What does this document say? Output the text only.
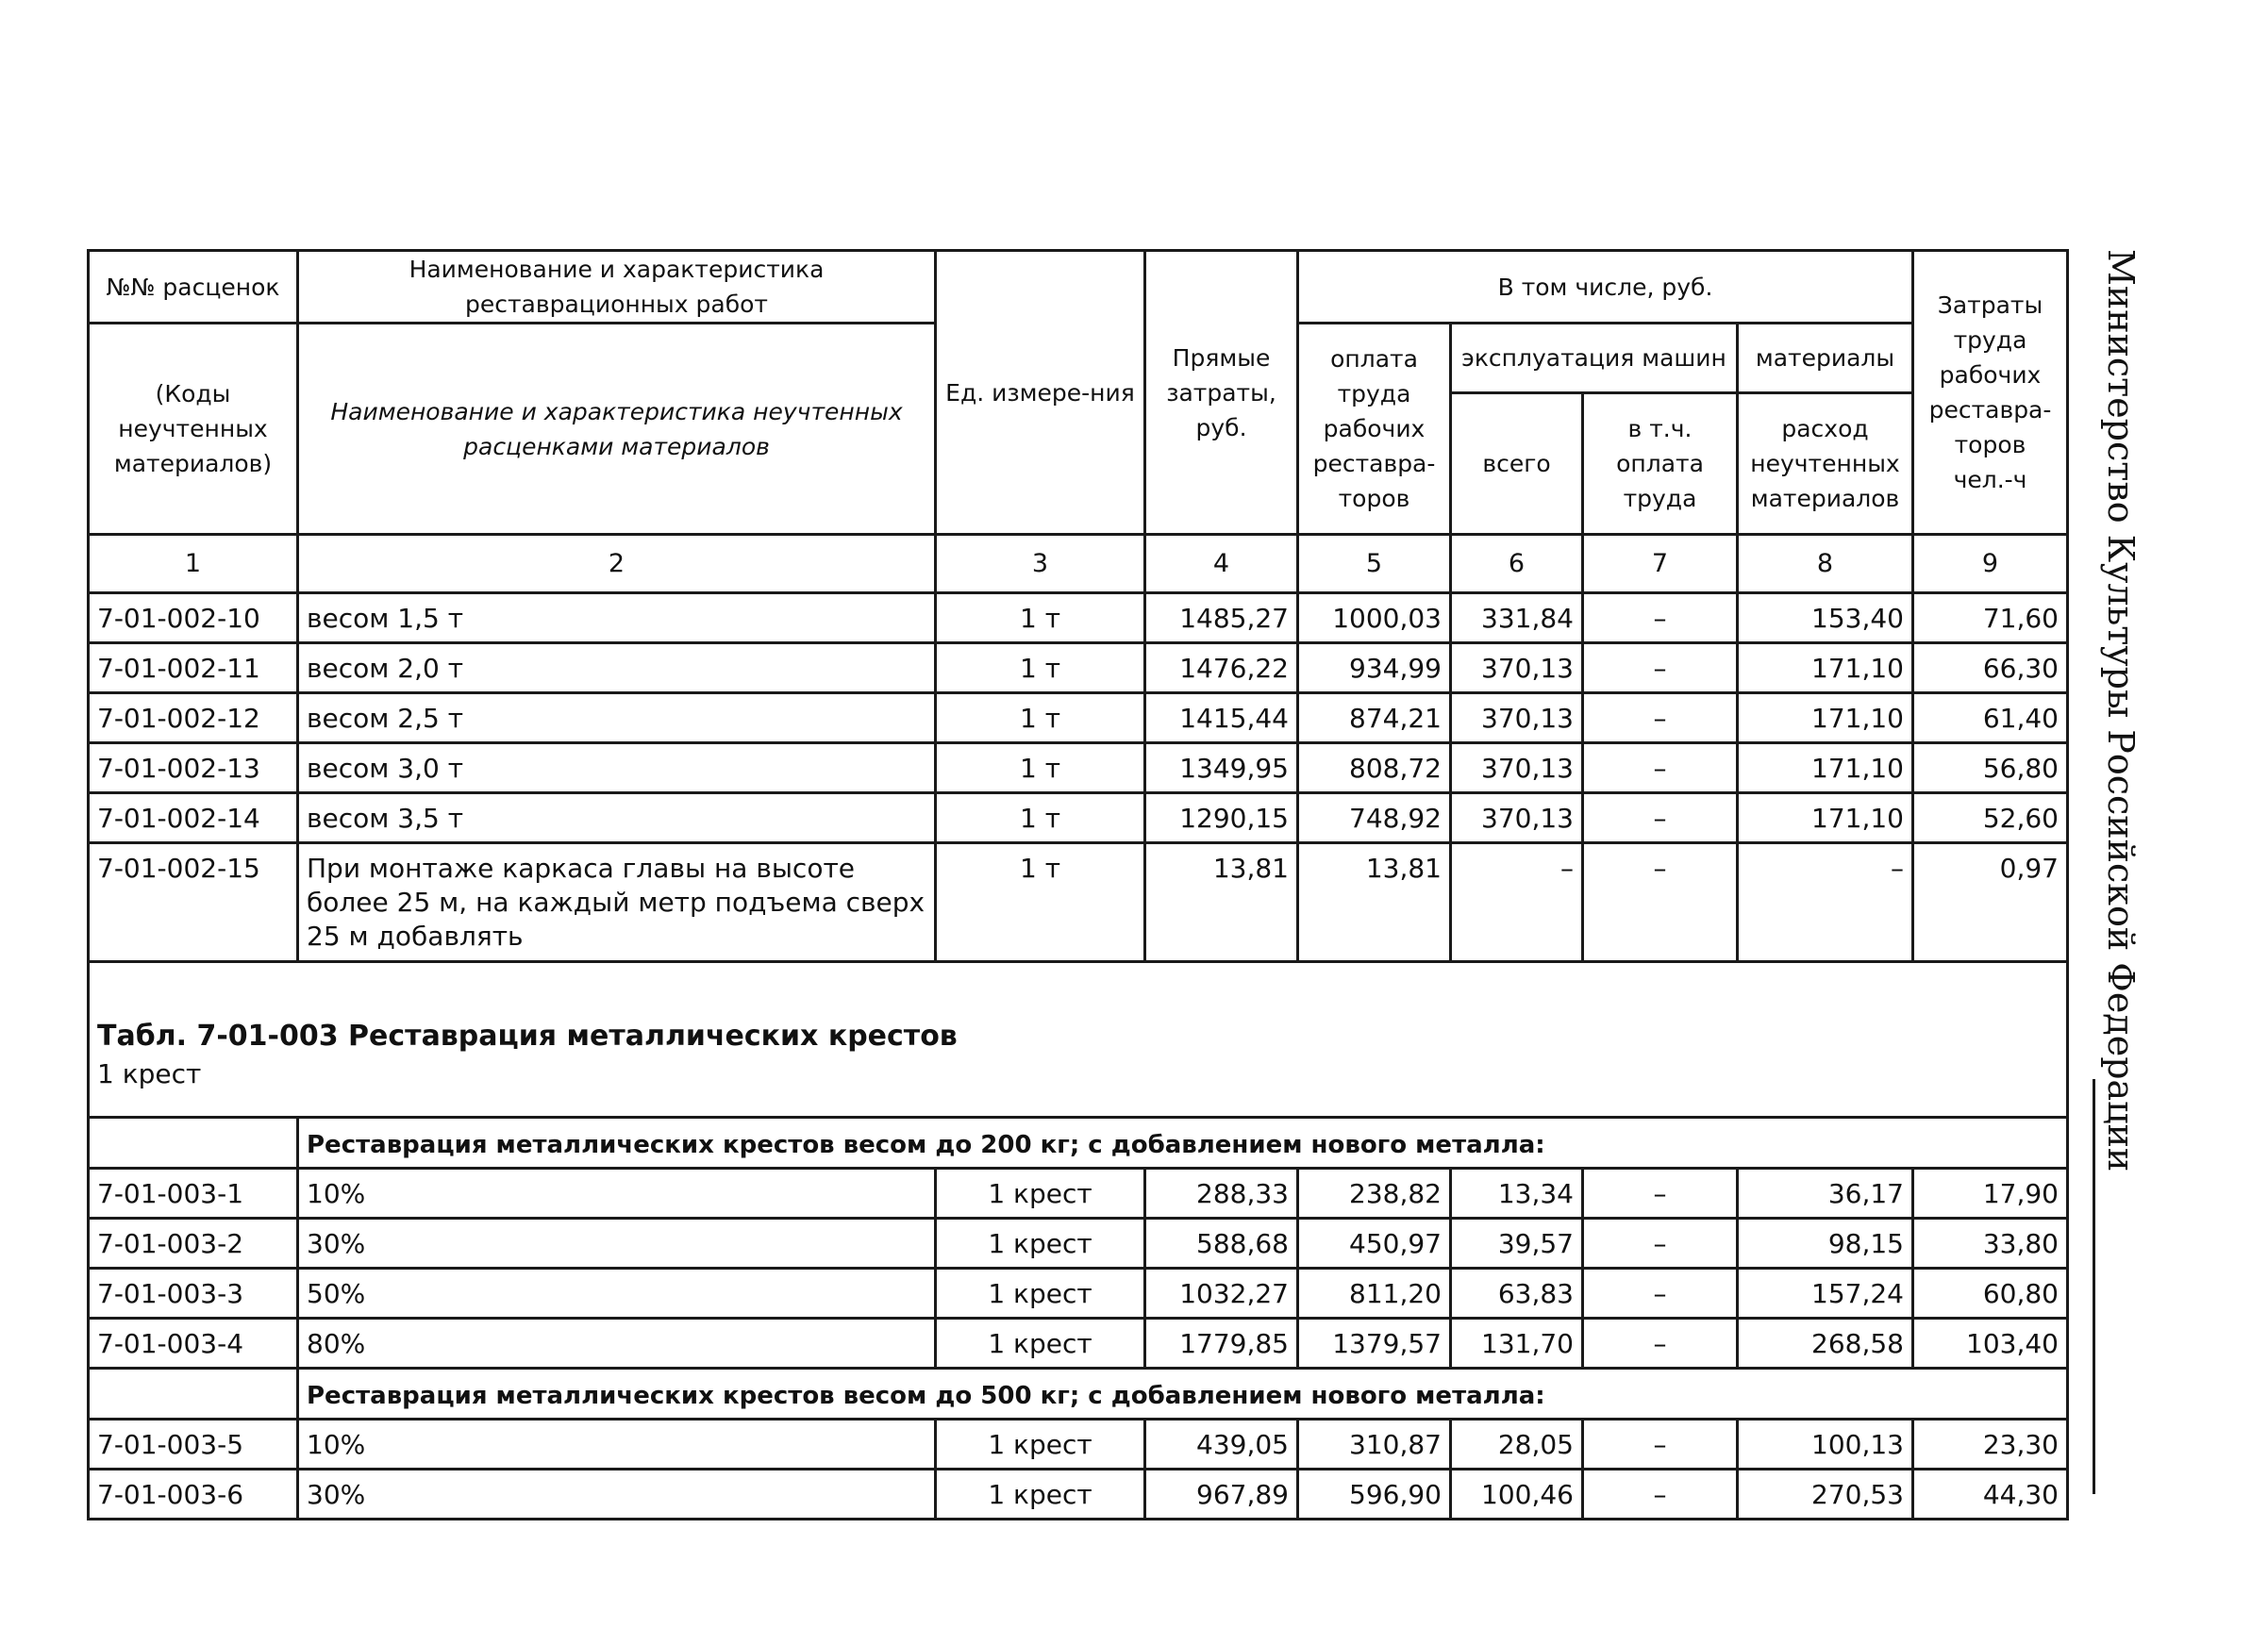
№№ расценок	Наименование и характеристика реставрационных работ	Ед. измере-ния	Прямые затраты, руб.	В том числе, руб.				Затраты труда рабочих реставра-торов чел.-ч
(Коды неучтенных материалов)	Наименование и характеристика неучтенных расценками материалов			оплата труда рабочих реставра-торов	эксплуатация машин		материалы	
					всего	в т.ч. оплата труда	расход неучтенных материалов	
1	2	3	4	5	6	7	8	9
7-01-002-10	весом 1,5 т	1 т	1485,27	1000,03	331,84	–	153,40	71,60
7-01-002-11	весом 2,0 т	1 т	1476,22	934,99	370,13	–	171,10	66,30
7-01-002-12	весом 2,5 т	1 т	1415,44	874,21	370,13	–	171,10	61,40
7-01-002-13	весом 3,0 т	1 т	1349,95	808,72	370,13	–	171,10	56,80
7-01-002-14	весом 3,5 т	1 т	1290,15	748,92	370,13	–	171,10	52,60
7-01-002-15	При монтаже каркаса главы на высоте более 25 м, на каждый метр подъема сверх 25 м добавлять	1 т	13,81	13,81	–	–	–	0,97

Табл. 7-01-003 Реставрация металлических крестов
1 крест								

	Реставрация металлических крестов весом до 200 кг; с добавлением нового металла:							
7-01-003-1	10%	1 крест	288,33	238,82	13,34	–	36,17	17,90
7-01-003-2	30%	1 крест	588,68	450,97	39,57	–	98,15	33,80
7-01-003-3	50%	1 крест	1032,27	811,20	63,83	–	157,24	60,80
7-01-003-4	80%	1 крест	1779,85	1379,57	131,70	–	268,58	103,40
	Реставрация металлических крестов весом до 500 кг; с добавлением нового металла:							
7-01-003-5	10%	1 крест	439,05	310,87	28,05	–	100,13	23,30
7-01-003-6	30%	1 крест	967,89	596,90	100,46	–	270,53	44,30
Министерство Культуры Российской Федерации
